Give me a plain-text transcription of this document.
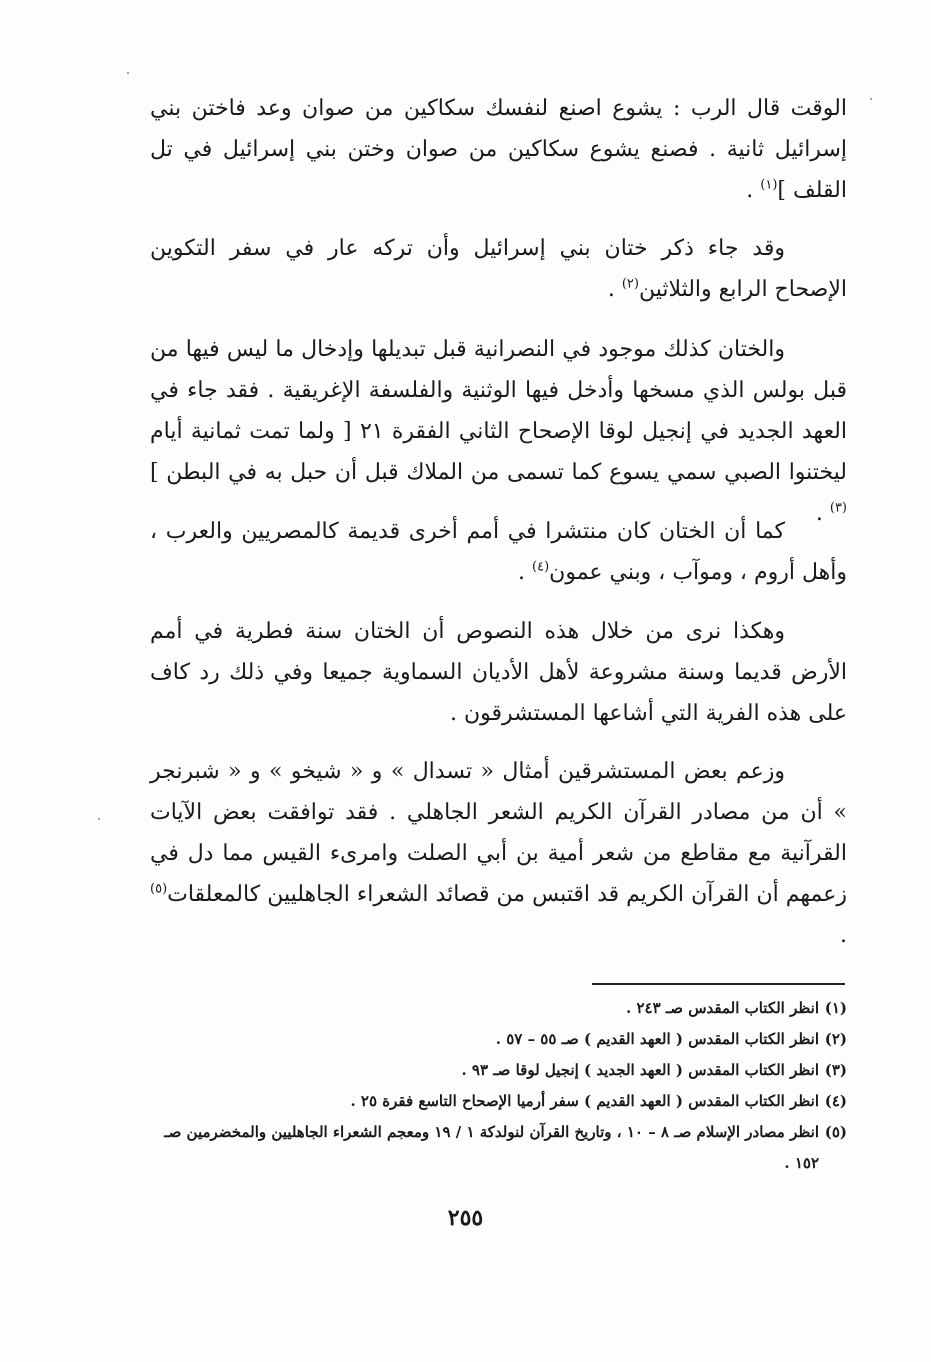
الوقت قال الرب : يشوع اصنع لنفسك سكاكين من صوان وعد فاختن بني إسرائيل ثانية . فصنع يشوع سكاكين من صوان وختن بني إسرائيل في تل القلف ]$^{(١)}$ .

وقد جاء ذكر ختان بني إسرائيل وأن تركه عار في سفر التكوين الإصحاح الرابع والثلاثين$^{(٢)}$ .

والختان كذلك موجود في النصرانية قبل تبديلها وإدخال ما ليس فيها من قبل بولس الذي مسخها وأدخل فيها الوثنية والفلسفة الإغريقية . فقد جاء في العهد الجديد في إنجيل لوقا الإصحاح الثاني الفقرة ٢١ [ ولما تمت ثمانية أيام ليختنوا الصبي سمي يسوع كما تسمى من الملاك قبل أن حبل به في البطن ]$^{(٣)}$ .

كما أن الختان كان منتشرا في أمم أخرى قديمة كالمصريين والعرب ، وأهل أروم ، وموآب ، وبني عمون$^{(٤)}$ .

وهكذا نرى من خلال هذه النصوص أن الختان سنة فطرية في أمم الأرض قديما وسنة مشروعة لأهل الأديان السماوية جميعا وفي ذلك رد كاف على هذه الفرية التي أشاعها المستشرقون .

وزعم بعض المستشرقين أمثال « تسدال » و « شيخو » و « شبرنجر » أن من مصادر القرآن الكريم الشعر الجاهلي . فقد توافقت بعض الآيات القرآنية مع مقاطع من شعر أمية بن أبي الصلت وامرىء القيس مما دل في زعمهم أن القرآن الكريم قد اقتبس من قصائد الشعراء الجاهليين كالمعلقات$^{(٥)}$ .

(١)
انظر الكتاب المقدس صـ ٢٤٣ .

(٢)
انظر الكتاب المقدس ( العهد القديم ) صـ ٥٥ – ٥٧ .

(٣)
انظر الكتاب المقدس ( العهد الجديد ) إنجيل لوقا صـ ٩٣ .

(٤)
انظر الكتاب المقدس ( العهد القديم ) سفر أرميا الإصحاح التاسع فقرة ٢٥ .

(٥)
انظر مصادر الإسلام صـ ٨ – ١٠ ، وتاريخ القرآن لنولدكة ١ / ١٩ ومعجم الشعراء الجاهليين والمخضرمين صـ ١٥٢ .

٢٥٥
